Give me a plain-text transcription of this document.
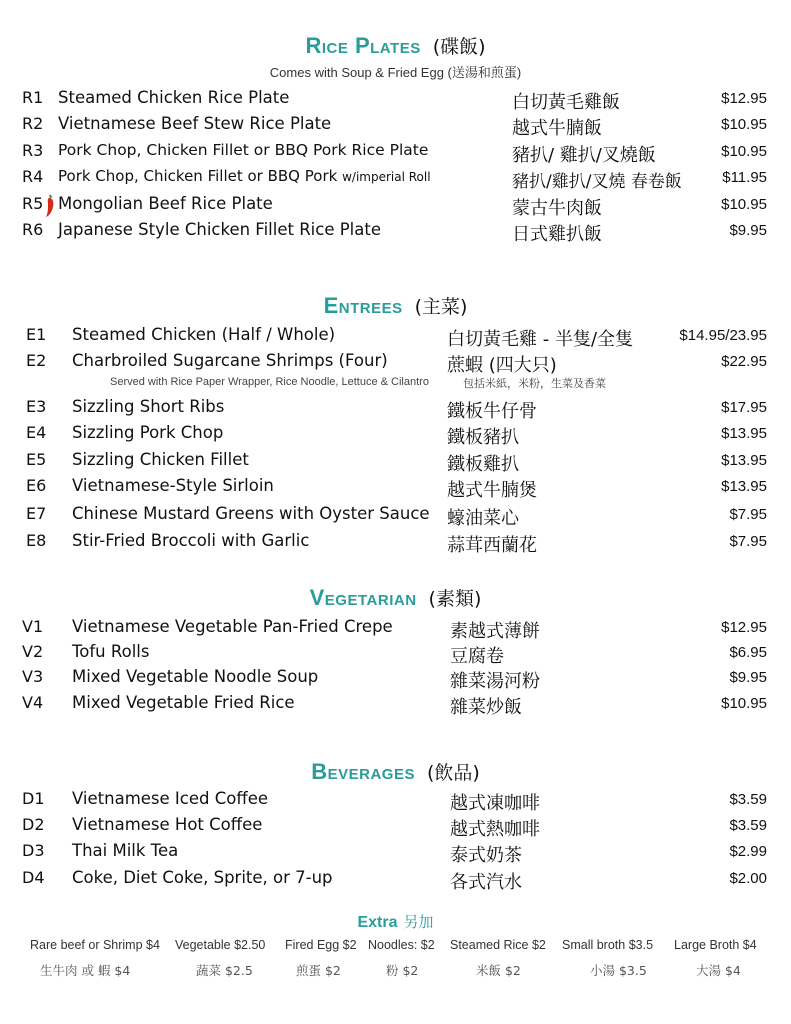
Rice Plates (碟飯)
Comes with Soup & Fried Egg (送湯和煎蛋)
R1 Steamed Chicken Rice Plate	白切黃毛雞飯	$12.95
R2 Vietnamese Beef Stew Rice Plate	越式牛腩飯	$10.95
R3 Pork Chop, Chicken Fillet or BBQ Pork Rice Plate	豬扒/ 雞扒/叉燒飯	$10.95
R4 Pork Chop, Chicken Fillet or BBQ Pork w/imperial Roll	豬扒/雞扒/叉燒 春卷飯	$11.95
R5 Mongolian Beef Rice Plate	蒙古牛肉飯	$10.95
R6 Japanese Style Chicken Fillet Rice Plate	日式雞扒飯	$9.95
Entrees (主菜)
E1 Steamed Chicken (Half / Whole)	白切黃毛雞 - 半隻/全隻	$14.95/23.95
E2 Charbroiled Sugarcane Shrimps (Four)	蔗蝦 (四大只)	$22.95
Served with Rice Paper Wrapper, Rice Noodle, Lettuce & Cilantro	包括米紙，米粉，生菜及香菜
E3 Sizzling Short Ribs	鐵板牛仔骨	$17.95
E4 Sizzling Pork Chop	鐵板豬扒	$13.95
E5 Sizzling Chicken Fillet	鐵板雞扒	$13.95
E6 Vietnamese-Style Sirloin	越式牛腩煲	$13.95
E7 Chinese Mustard Greens with Oyster Sauce 蠔油菜心	$7.95
E8 Stir-Fried Broccoli with Garlic	蒜茸西蘭花	$7.95
Vegetarian (素類)
V1 Vietnamese Vegetable Pan-Fried Crepe	素越式薄餅	$12.95
V2 Tofu Rolls	豆腐卷	$6.95
V3 Mixed Vegetable Noodle Soup	雜菜湯河粉	$9.95
V4 Mixed Vegetable Fried Rice	雜菜炒飯	$10.95
Beverages (飲品)
D1 Vietnamese Iced Coffee	越式凍咖啡	$3.59
D2 Vietnamese Hot Coffee	越式熱咖啡	$3.59
D3 Thai Milk Tea	泰式奶茶	$2.99
D4 Coke, Diet Coke, Sprite, or 7-up	各式汽水	$2.00
Extra 另加
Rare beef or Shrimp $4 Vegetable $2.50 Fired Egg $2 Noodles: $2 Steamed Rice $2 Small broth $3.5 Large Broth $4
生牛肉 或 蝦 $4	蔬菜 $2.5	煎蛋 $2	粉 $2	米飯 $2	小湯 $3.5	大湯 $4
